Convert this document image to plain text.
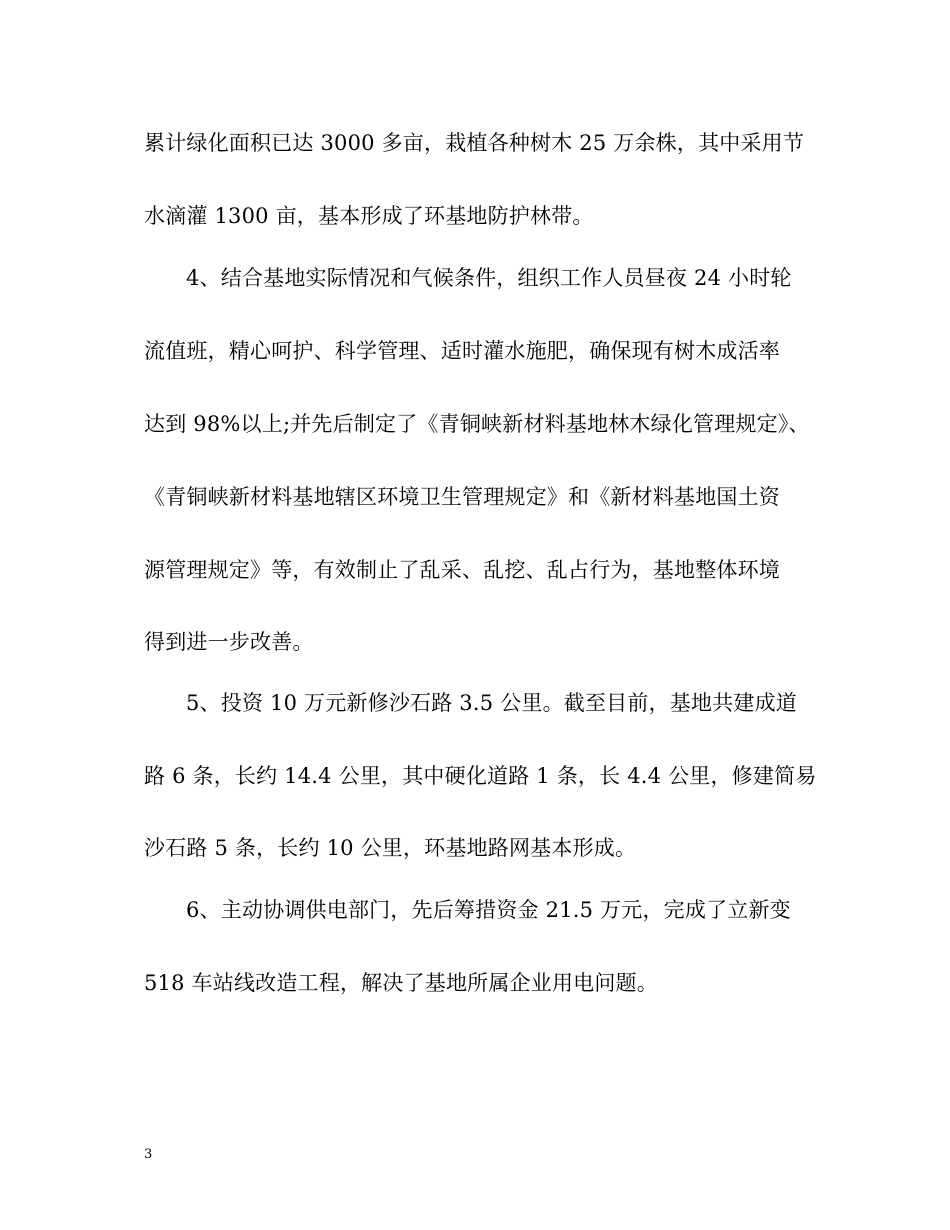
累计绿化面积已达 3000 多亩，栽植各种树木 25 万余株，其中采用节
水滴灌 1300 亩，基本形成了环基地防护林带。
4、结合基地实际情况和气候条件，组织工作人员昼夜 24 小时轮
流值班，精心呵护、科学管理、适时灌水施肥，确保现有树木成活率
达到 98%以上;并先后制定了《青铜峡新材料基地林木绿化管理规定》、
《青铜峡新材料基地辖区环境卫生管理规定》和《新材料基地国土资
源管理规定》等，有效制止了乱采、乱挖、乱占行为，基地整体环境
得到进一步改善。
5、投资 10 万元新修沙石路 3.5 公里。截至目前，基地共建成道
路 6 条，长约 14.4 公里，其中硬化道路 1 条，长 4.4 公里，修建简易
沙石路 5 条，长约 10 公里，环基地路网基本形成。
6、主动协调供电部门，先后筹措资金 21.5 万元，完成了立新变
518 车站线改造工程，解决了基地所属企业用电问题。
3
